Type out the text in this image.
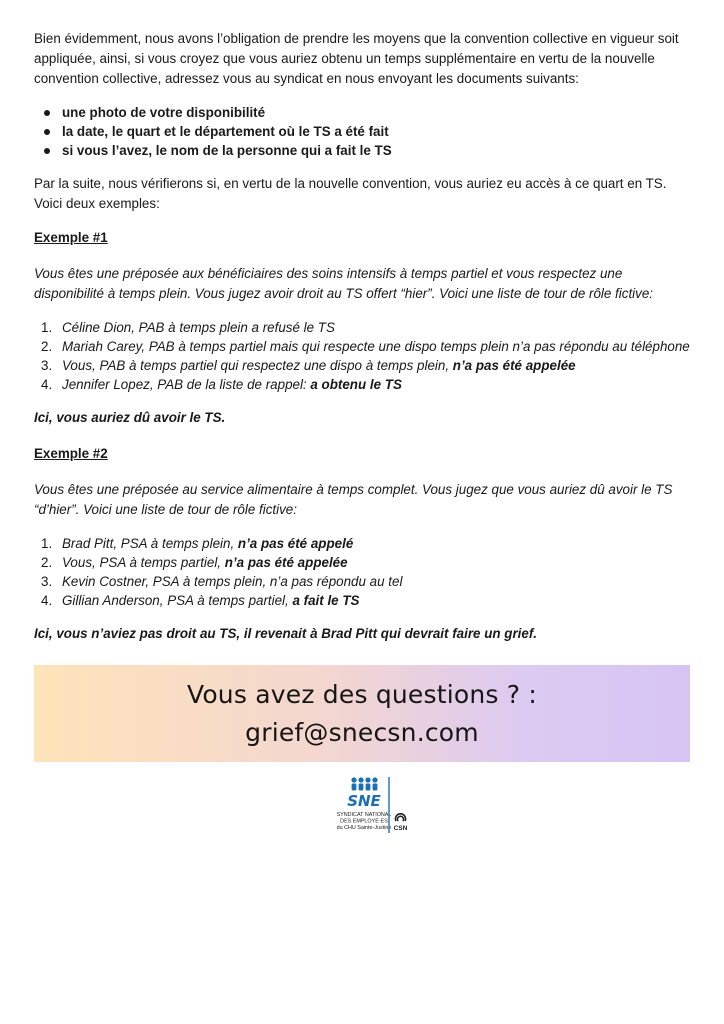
Bien évidemment, nous avons l’obligation de prendre les moyens que la convention collective en vigueur soit appliquée, ainsi, si vous croyez que vous auriez obtenu un temps supplémentaire en vertu de la nouvelle convention collective, adressez vous au syndicat en nous envoyant les documents suivants:

une photo de votre disponibilité
la date, le quart et le département où le TS a été fait
si vous l’avez, le nom de la personne qui a fait le TS

Par la suite, nous vérifierons si, en vertu de la nouvelle convention, vous auriez eu accès à ce quart en TS. Voici deux exemples:

Exemple #1

Vous êtes une préposée aux bénéficiaires des soins intensifs à temps partiel et vous respectez une disponibilité à temps plein. Vous jugez avoir droit au TS offert “hier”. Voici une liste de tour de rôle fictive:

1. Céline Dion, PAB à temps plein a refusé le TS
2. Mariah Carey, PAB à temps partiel mais qui respecte une dispo temps plein n’a pas répondu au téléphone
3. Vous, PAB à temps partiel qui respectez une dispo à temps plein, n’a pas été appelée
4. Jennifer Lopez, PAB de la liste de rappel: a obtenu le TS

Ici, vous auriez dû avoir le TS.

Exemple #2

Vous êtes une préposée au service alimentaire à temps complet. Vous jugez que vous auriez dû avoir le TS “d’hier”. Voici une liste de tour de rôle fictive:

1. Brad Pitt, PSA à temps plein, n’a pas été appelé
2. Vous, PSA à temps partiel, n’a pas été appelée
3. Kevin Costner, PSA à temps plein, n’a pas répondu au tel
4. Gillian Anderson, PSA à temps partiel, a fait le TS

Ici, vous n’aviez pas droit au TS, il revenait à Brad Pitt qui devrait faire un grief.

Vous avez des questions ? :
grief@snecsn.com
SNE
SYNDICAT NATIONAL
DES EMPLOYÉ·ES
du CHU Sainte-Justine CSN
